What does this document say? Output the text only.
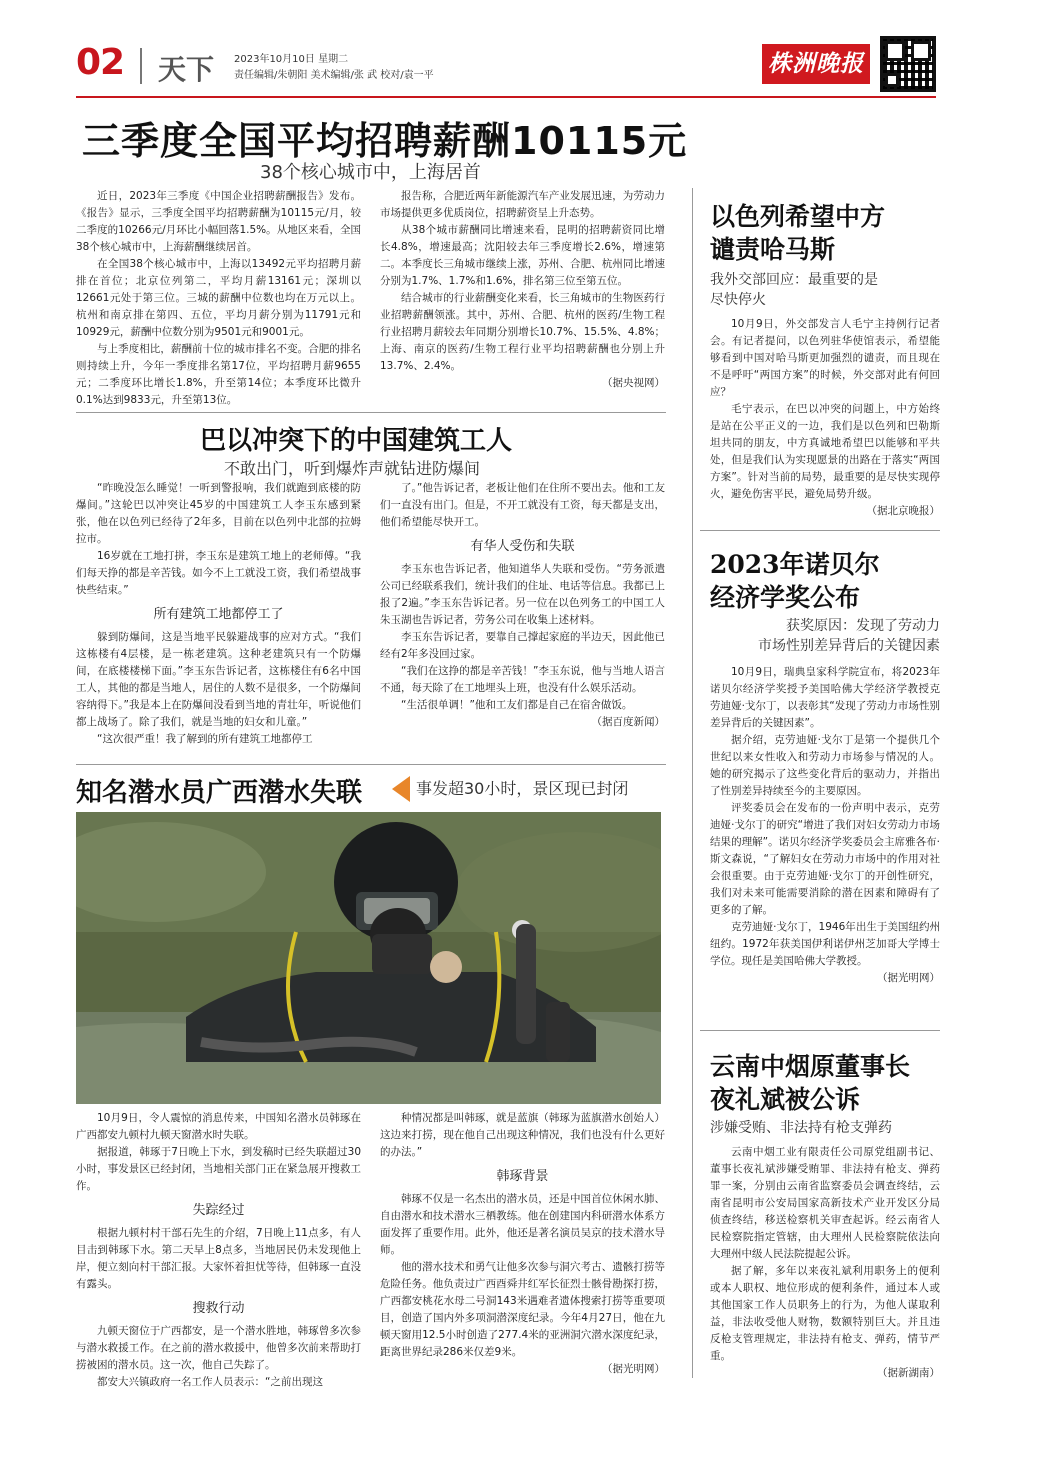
02 天下 2023年10月10日 星期二
责任编辑/朱朝阳 美术编辑/张 武 校对/袁一平	株洲晚报
三季度全国平均招聘薪酬10115元
38个核心城市中，上海居首

近日，2023年三季度《中国企业招聘薪酬报告》发布。《报告》显示，三季度全国平均招聘薪酬为10115元/月，较二季度的10266元/月环比小幅回落1.5%。从地区来看，全国38个核心城市中，上海薪酬继续居首。

在全国38个核心城市中，上海以13492元平均招聘月薪排在首位；北京位列第二，平均月薪13161元；深圳以12661元处于第三位。三城的薪酬中位数也均在万元以上。杭州和南京排在第四、五位，平均月薪分别为11791元和10929元，薪酬中位数分别为9501元和9001元。

与上季度相比，薪酬前十位的城市排名不变。合肥的排名则持续上升，今年一季度排名第17位，平均招聘月薪9655元；二季度环比增长1.8%，升至第14位；本季度环比微升0.1%达到9833元，升至第13位。

报告称，合肥近两年新能源汽车产业发展迅速，为劳动力市场提供更多优质岗位，招聘薪资呈上升态势。

从38个城市薪酬同比增速来看，昆明的招聘薪资同比增长4.8%，增速最高；沈阳较去年三季度增长2.6%，增速第二。本季度长三角城市继续上涨，苏州、合肥、杭州同比增速分别为1.7%、1.7%和1.6%，排名第三位至第五位。

结合城市的行业薪酬变化来看，长三角城市的生物医药行业招聘薪酬领涨。其中，苏州、合肥、杭州的医药/生物工程行业招聘月薪较去年同期分别增长10.7%、15.5%、4.8%；上海、南京的医药/生物工程行业平均招聘薪酬也分别上升13.7%、2.4%。

（据央视网）

巴以冲突下的中国建筑工人
不敢出门，听到爆炸声就钻进防爆间

“昨晚没怎么睡觉！一听到警报响，我们就跑到底楼的防爆间。”这轮巴以冲突让45岁的中国建筑工人李玉东感到紧张，他在以色列已经待了2年多，目前在以色列中北部的拉姆拉市。

16岁就在工地打拼，李玉东是建筑工地上的老师傅。“我们每天挣的都是辛苦钱。如今不上工就没工资，我们希望战事快些结束。”

所有建筑工地都停工了

躲到防爆间，这是当地平民躲避战事的应对方式。“我们这栋楼有4层楼，是一栋老建筑。这种老建筑只有一个防爆间，在底楼楼梯下面。”李玉东告诉记者，这栋楼住有6名中国工人，其他的都是当地人，居住的人数不是很多，一个防爆间容纳得下。”我是本上在防爆间没看到当地的青壮年，听说他们都上战场了。除了我们，就是当地的妇女和儿童。”

“这次很严重！我了解到的所有建筑工地都停工

了。”他告诉记者，老板让他们在住所不要出去。他和工友们一直没有出门。但是，不开工就没有工资，每天都是支出，他们希望能尽快开工。

有华人受伤和失联

李玉东也告诉记者，他知道华人失联和受伤。“劳务派遣公司已经联系我们，统计我们的住址、电话等信息。我都已上报了2遍。”李玉东告诉记者。另一位在以色列务工的中国工人朱玉湖也告诉记者，劳务公司在收集上述材料。

李玉东告诉记者，要靠自己撑起家庭的半边天，因此他已经有2年多没回过家。

“我们在这挣的都是辛苦钱！”李玉东说，他与当地人语言不通，每天除了在工地埋头上班，也没有什么娱乐活动。

“生活很单调！”他和工友们都是自己在宿舍做饭。

（据百度新闻）

知名潜水员广西潜水失联	事发超30小时，景区现已封闭

10月9日，令人震惊的消息传来，中国知名潜水员韩琢在广西都安九顿村九顿天窗潜水时失联。

据报道，韩琢于7日晚上下水，到发稿时已经失联超过30小时，事发景区已经封闭，当地相关部门正在紧急展开搜救工作。

失踪经过

根据九顿村村干部石先生的介绍，7日晚上11点多，有人目击到韩琢下水。第二天早上8点多，当地居民仍未发现他上岸，便立刻向村干部汇报。大家怀着担忧等待，但韩琢一直没有露头。

搜救行动

九顿天窗位于广西都安，是一个潜水胜地，韩琢曾多次参与潜水救援工作。在之前的潜水救援中，他曾多次前来帮助打捞被困的潜水员。这一次，他自己失踪了。

都安大兴镇政府一名工作人员表示：“之前出现这

种情况都是叫韩琢，就是蓝旗（韩琢为蓝旗潜水创始人）这边来打捞，现在他自己出现这种情况，我们也没有什么更好的办法。”

韩琢背景

韩琢不仅是一名杰出的潜水员，还是中国首位休闲水肺、自由潜水和技术潜水三栖教练。他在创建国内科研潜水体系方面发挥了重要作用。此外，他还是著名演员吴京的技术潜水导师。

他的潜水技术和勇气让他多次参与洞穴考古、遗骸打捞等危险任务。他负责过广西酉舜井红军长征烈士骸骨勘探打捞，广西都安桃花水母二号洞143米遇难者遗体搜索打捞等重要项目，创造了国内外多项洞潜深度纪录。今年4月27日，他在九顿天窗用12.5小时创造了277.4米的亚洲洞穴潜水深度纪录，距离世界纪录286米仅差9米。

（据光明网）

以色列希望中方
谴责哈马斯
我外交部回应：最重要的是
尽快停火

10月9日，外交部发言人毛宁主持例行记者会。有记者提问，以色列驻华使馆表示，希望能够看到中国对哈马斯更加强烈的谴责，而且现在不是呼吁“两国方案”的时候，外交部对此有何回应？

毛宁表示，在巴以冲突的问题上，中方始终是站在公平正义的一边，我们是以色列和巴勒斯坦共同的朋友，中方真诚地希望巴以能够和平共处，但是我们认为实现愿景的出路在于落实“两国方案”。针对当前的局势，最重要的是尽快实现停火，避免伤害平民，避免局势升级。

（据北京晚报）

2023年诺贝尔
经济学奖公布
获奖原因：发现了劳动力
市场性别差异背后的关键因素

10月9日，瑞典皇家科学院宣布，将2023年诺贝尔经济学奖授予美国哈佛大学经济学教授克劳迪娅·戈尔丁，以表彰其“发现了劳动力市场性别差异背后的关键因素”。

据介绍，克劳迪娅·戈尔丁是第一个提供几个世纪以来女性收入和劳动力市场参与情况的人。她的研究揭示了这些变化背后的驱动力，并指出了性别差异持续至今的主要原因。

评奖委员会在发布的一份声明中表示，克劳迪娅·戈尔丁的研究“增进了我们对妇女劳动力市场结果的理解”。诺贝尔经济学奖委员会主席雅各布·斯文森说，“了解妇女在劳动力市场中的作用对社会很重要。由于克劳迪娅·戈尔丁的开创性研究，我们对未来可能需要消除的潜在因素和障碍有了更多的了解。

克劳迪娅·戈尔丁，1946年出生于美国纽约州纽约。1972年获美国伊利诺伊州芝加哥大学博士学位。现任是美国哈佛大学教授。

（据光明网）

云南中烟原董事长
夜礼斌被公诉
涉嫌受贿、非法持有枪支弹药

云南中烟工业有限责任公司原党组副书记、董事长夜礼斌涉嫌受贿罪、非法持有枪支、弹药罪一案，分别由云南省监察委员会调查终结，云南省昆明市公安局国家高新技术产业开发区分局侦查终结，移送检察机关审查起诉。经云南省人民检察院指定管辖，由大理州人民检察院依法向大理州中级人民法院提起公诉。

据了解，多年以来夜礼斌利用职务上的便利或本人职权、地位形成的便利条件，通过本人或其他国家工作人员职务上的行为，为他人谋取利益，非法收受他人财物，数额特别巨大。并且违反枪支管理规定，非法持有枪支、弹药，情节严重。

（据新湖南）
